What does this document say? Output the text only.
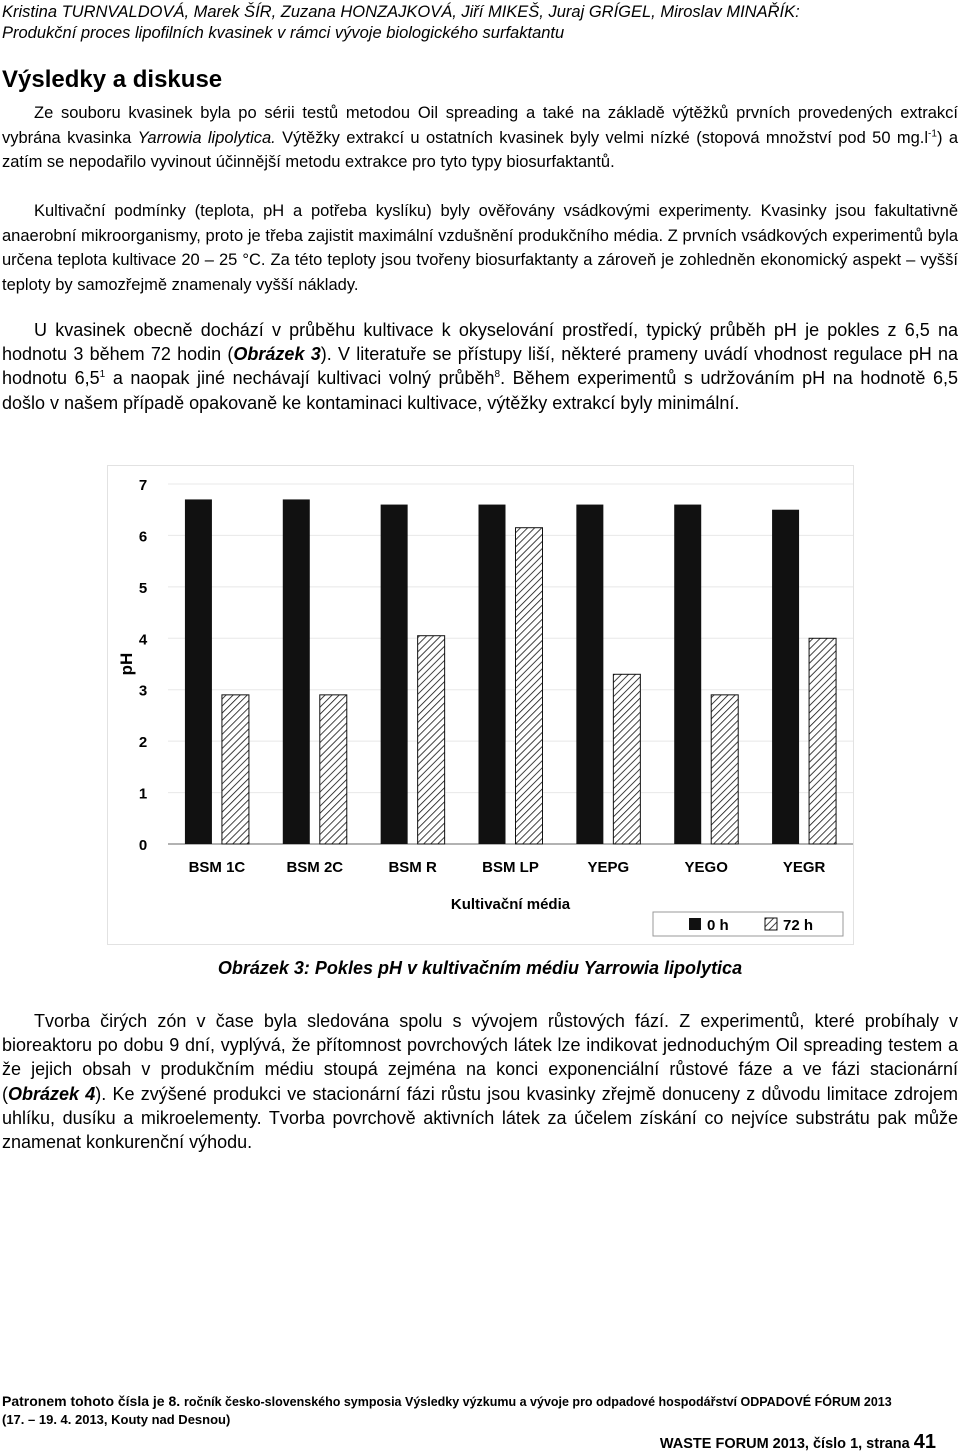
Kristina TURNVALDOVÁ, Marek ŠÍR, Zuzana HONZAJKOVÁ, Jiří MIKEŠ, Juraj GRÍGEL, Miroslav MINAŘÍK:
Produkční proces lipofilních kvasinek v rámci vývoje biologického surfaktantu
Výsledky a diskuse
Ze souboru kvasinek byla po sérii testů metodou Oil spreading a také na základě výtěžků prvních provedených extrakcí vybrána kvasinka Yarrowia lipolytica. Výtěžky extrakcí u ostatních kvasinek byly velmi nízké (stopová množství pod 50 $mg.l^{-1}$) a zatím se nepodařilo vyvinout účinnější metodu extrakce pro tyto typy biosurfaktantů.
Kultivační podmínky (teplota, pH a potřeba kyslíku) byly ověřovány vsádkovými experimenty. Kvasinky jsou fakultativně anaerobní mikroorganismy, proto je třeba zajistit maximální vzdušnění produkčního média. Z prvních vsádkových experimentů byla určena teplota kultivace 20 – 25 °C. Za této teploty jsou tvořeny biosurfaktanty a zároveň je zohledněn ekonomický aspekt – vyšší teploty by samozřejmě znamenaly vyšší náklady.
U kvasinek obecně dochází v průběhu kultivace k okyselování prostředí, typický průběh pH je pokles z 6,5 na hodnotu 3 během 72 hodin (Obrázek 3). V literatuře se přístupy liší, některé prameny uvádí vhodnost regulace pH na hodnotu $6,5^1$ a naopak jiné nechávají kultivaci volný průběh$^8$. Během experimentů s udržováním pH na hodnotě 6,5 došlo v našem případě opakovaně ke kontaminaci kultivace, výtěžky extrakcí byly minimální.
0
1
2
3
4
5
6
7
pH
BSM 1C	BSM 2C	BSM R	BSM LP	YEPG	YEGO	YEGR
Kultivační média
0 h	72 h
Obrázek 3: Pokles pH v kultivačním médiu Yarrowia lipolytica
Tvorba čirých zón v čase byla sledována spolu s vývojem růstových fází. Z experimentů, které probíhaly v bioreaktoru po dobu 9 dní, vyplývá, že přítomnost povrchových látek lze indikovat jednoduchým Oil spreading testem a že jejich obsah v produkčním médiu stoupá zejména na konci exponenciální růstové fáze a ve fázi stacionární (Obrázek 4). Ke zvýšené produkci ve stacionární fázi růstu jsou kvasinky zřejmě donuceny z důvodu limitace zdrojem uhlíku, dusíku a mikroelementy. Tvorba povrchově aktivních látek za účelem získání co nejvíce substrátu pak může znamenat konkurenční výhodu.
Patronem tohoto čísla je 8. ročník česko-slovenského symposia Výsledky výzkumu a vývoje pro odpadové hospodářství ODPADOVÉ FÓRUM 2013
(17. – 19. 4. 2013, Kouty nad Desnou)
WASTE FORUM 2013, číslo 1, strana 41
